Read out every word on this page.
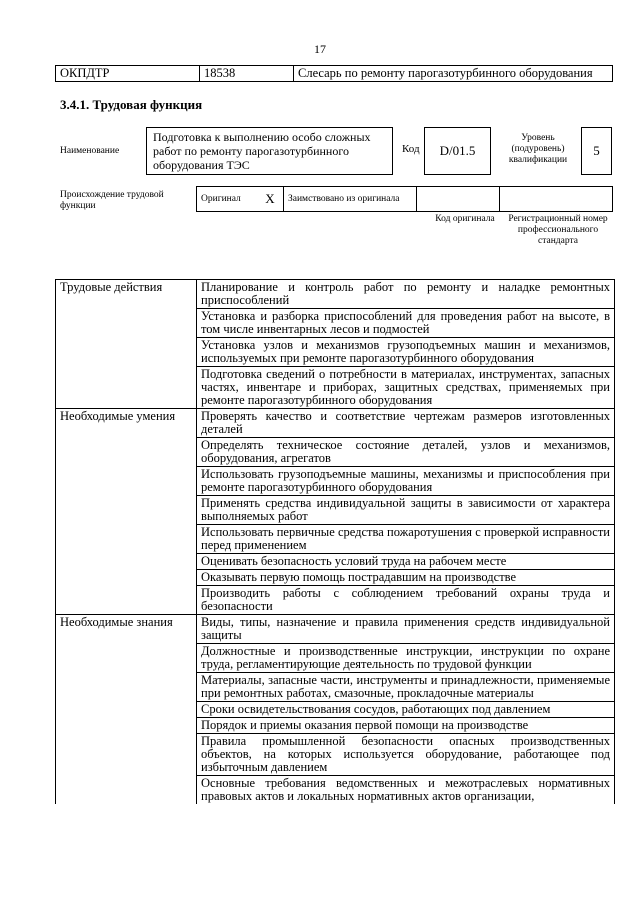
17
ОКПДТР	18538	Слесарь по ремонту парогазотурбинного оборудования
3.4.1. Трудовая функция
Наименование
Подготовка к выполнению особо сложных работ по ремонту парогазотурбинного оборудования ТЭС
Код	D/01.5
Уровень (подуровень) квалификации
5
Происхождение трудовой функции
Оригинал	X	Заимствовано из оригинала		
Код оригинала	Регистрационный номер профессионального стандарта
Трудовые действия	Планирование и контроль работ по ремонту и наладке ремонтных приспособлений
	Установка и разборка приспособлений для проведения работ на высоте, в том числе инвентарных лесов и подмостей
	Установка узлов и механизмов грузоподъемных машин и механизмов, используемых при ремонте парогазотурбинного оборудования
	Подготовка сведений о потребности в материалах, инструментах, запасных частях, инвентаре и приборах, защитных средствах, применяемых при ремонте парогазотурбинного оборудования
Необходимые умения	Проверять качество и соответствие чертежам размеров изготовленных деталей
	Определять техническое состояние деталей, узлов и механизмов, оборудования, агрегатов
	Использовать грузоподъемные машины, механизмы и приспособления при ремонте парогазотурбинного оборудования
	Применять средства индивидуальной защиты в зависимости от характера выполняемых работ
	Использовать первичные средства пожаротушения с проверкой исправности перед применением
	Оценивать безопасность условий труда на рабочем месте
	Оказывать первую помощь пострадавшим на производстве
	Производить работы с соблюдением требований охраны труда и безопасности
Необходимые знания	Виды, типы, назначение и правила применения средств индивидуальной защиты
	Должностные и производственные инструкции, инструкции по охране труда, регламентирующие деятельность по трудовой функции
	Материалы, запасные части, инструменты и принадлежности, применяемые при ремонтных работах, смазочные, прокладочные материалы
	Сроки освидетельствования сосудов, работающих под давлением
	Порядок и приемы оказания первой помощи на производстве
	Правила промышленной безопасности опасных производственных объектов, на которых используется оборудование, работающее под избыточным давлением
	Основные требования ведомственных и межотраслевых нормативных правовых актов и локальных нормативных актов организации,
